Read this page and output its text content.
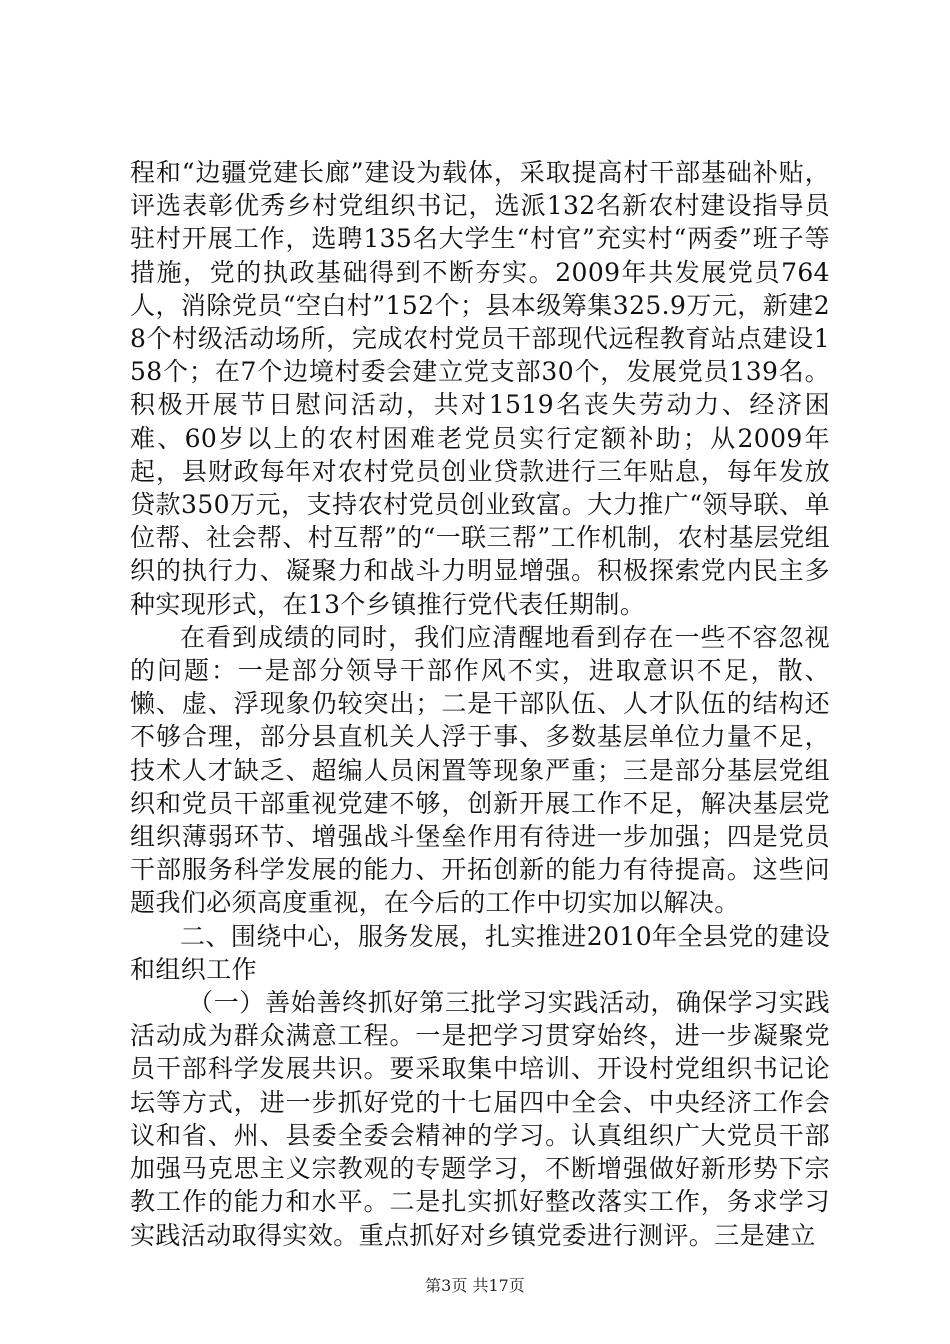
程和“边疆党建长廊”建设为载体，采取提高村干部基础补贴，评选表彰优秀乡村党组织书记，选派132名新农村建设指导员驻村开展工作，选聘135名大学生“村官”充实村“两委”班子等措施，党的执政基础得到不断夯实。2009年共发展党员764人，消除党员“空白村”152个；县本级筹集325.9万元，新建28个村级活动场所，完成农村党员干部现代远程教育站点建设158个；在7个边境村委会建立党支部30个，发展党员139名。积极开展节日慰问活动，共对1519名丧失劳动力、经济困难、60岁以上的农村困难老党员实行定额补助；从2009年起，县财政每年对农村党员创业贷款进行三年贴息，每年发放贷款350万元，支持农村党员创业致富。大力推广“领导联、单位帮、社会帮、村互帮”的“一联三帮”工作机制，农村基层党组织的执行力、凝聚力和战斗力明显增强。积极探索党内民主多种实现形式，在13个乡镇推行党代表任期制。

在看到成绩的同时，我们应清醒地看到存在一些不容忽视的问题：一是部分领导干部作风不实，进取意识不足，散、懒、虚、浮现象仍较突出；二是干部队伍、人才队伍的结构还不够合理，部分县直机关人浮于事、多数基层单位力量不足，技术人才缺乏、超编人员闲置等现象严重；三是部分基层党组织和党员干部重视党建不够，创新开展工作不足，解决基层党组织薄弱环节、增强战斗堡垒作用有待进一步加强；四是党员干部服务科学发展的能力、开拓创新的能力有待提高。这些问题我们必须高度重视，在今后的工作中切实加以解决。

二、围绕中心，服务发展，扎实推进2010年全县党的建设和组织工作

（一）善始善终抓好第三批学习实践活动，确保学习实践活动成为群众满意工程。一是把学习贯穿始终，进一步凝聚党员干部科学发展共识。要采取集中培训、开设村党组织书记论坛等方式，进一步抓好党的十七届四中全会、中央经济工作会议和省、州、县委全委会精神的学习。认真组织广大党员干部加强马克思主义宗教观的专题学习，不断增强做好新形势下宗教工作的能力和水平。二是扎实抓好整改落实工作，务求学习实践活动取得实效。重点抓好对乡镇党委进行测评。三是建立

第3页 共17页
